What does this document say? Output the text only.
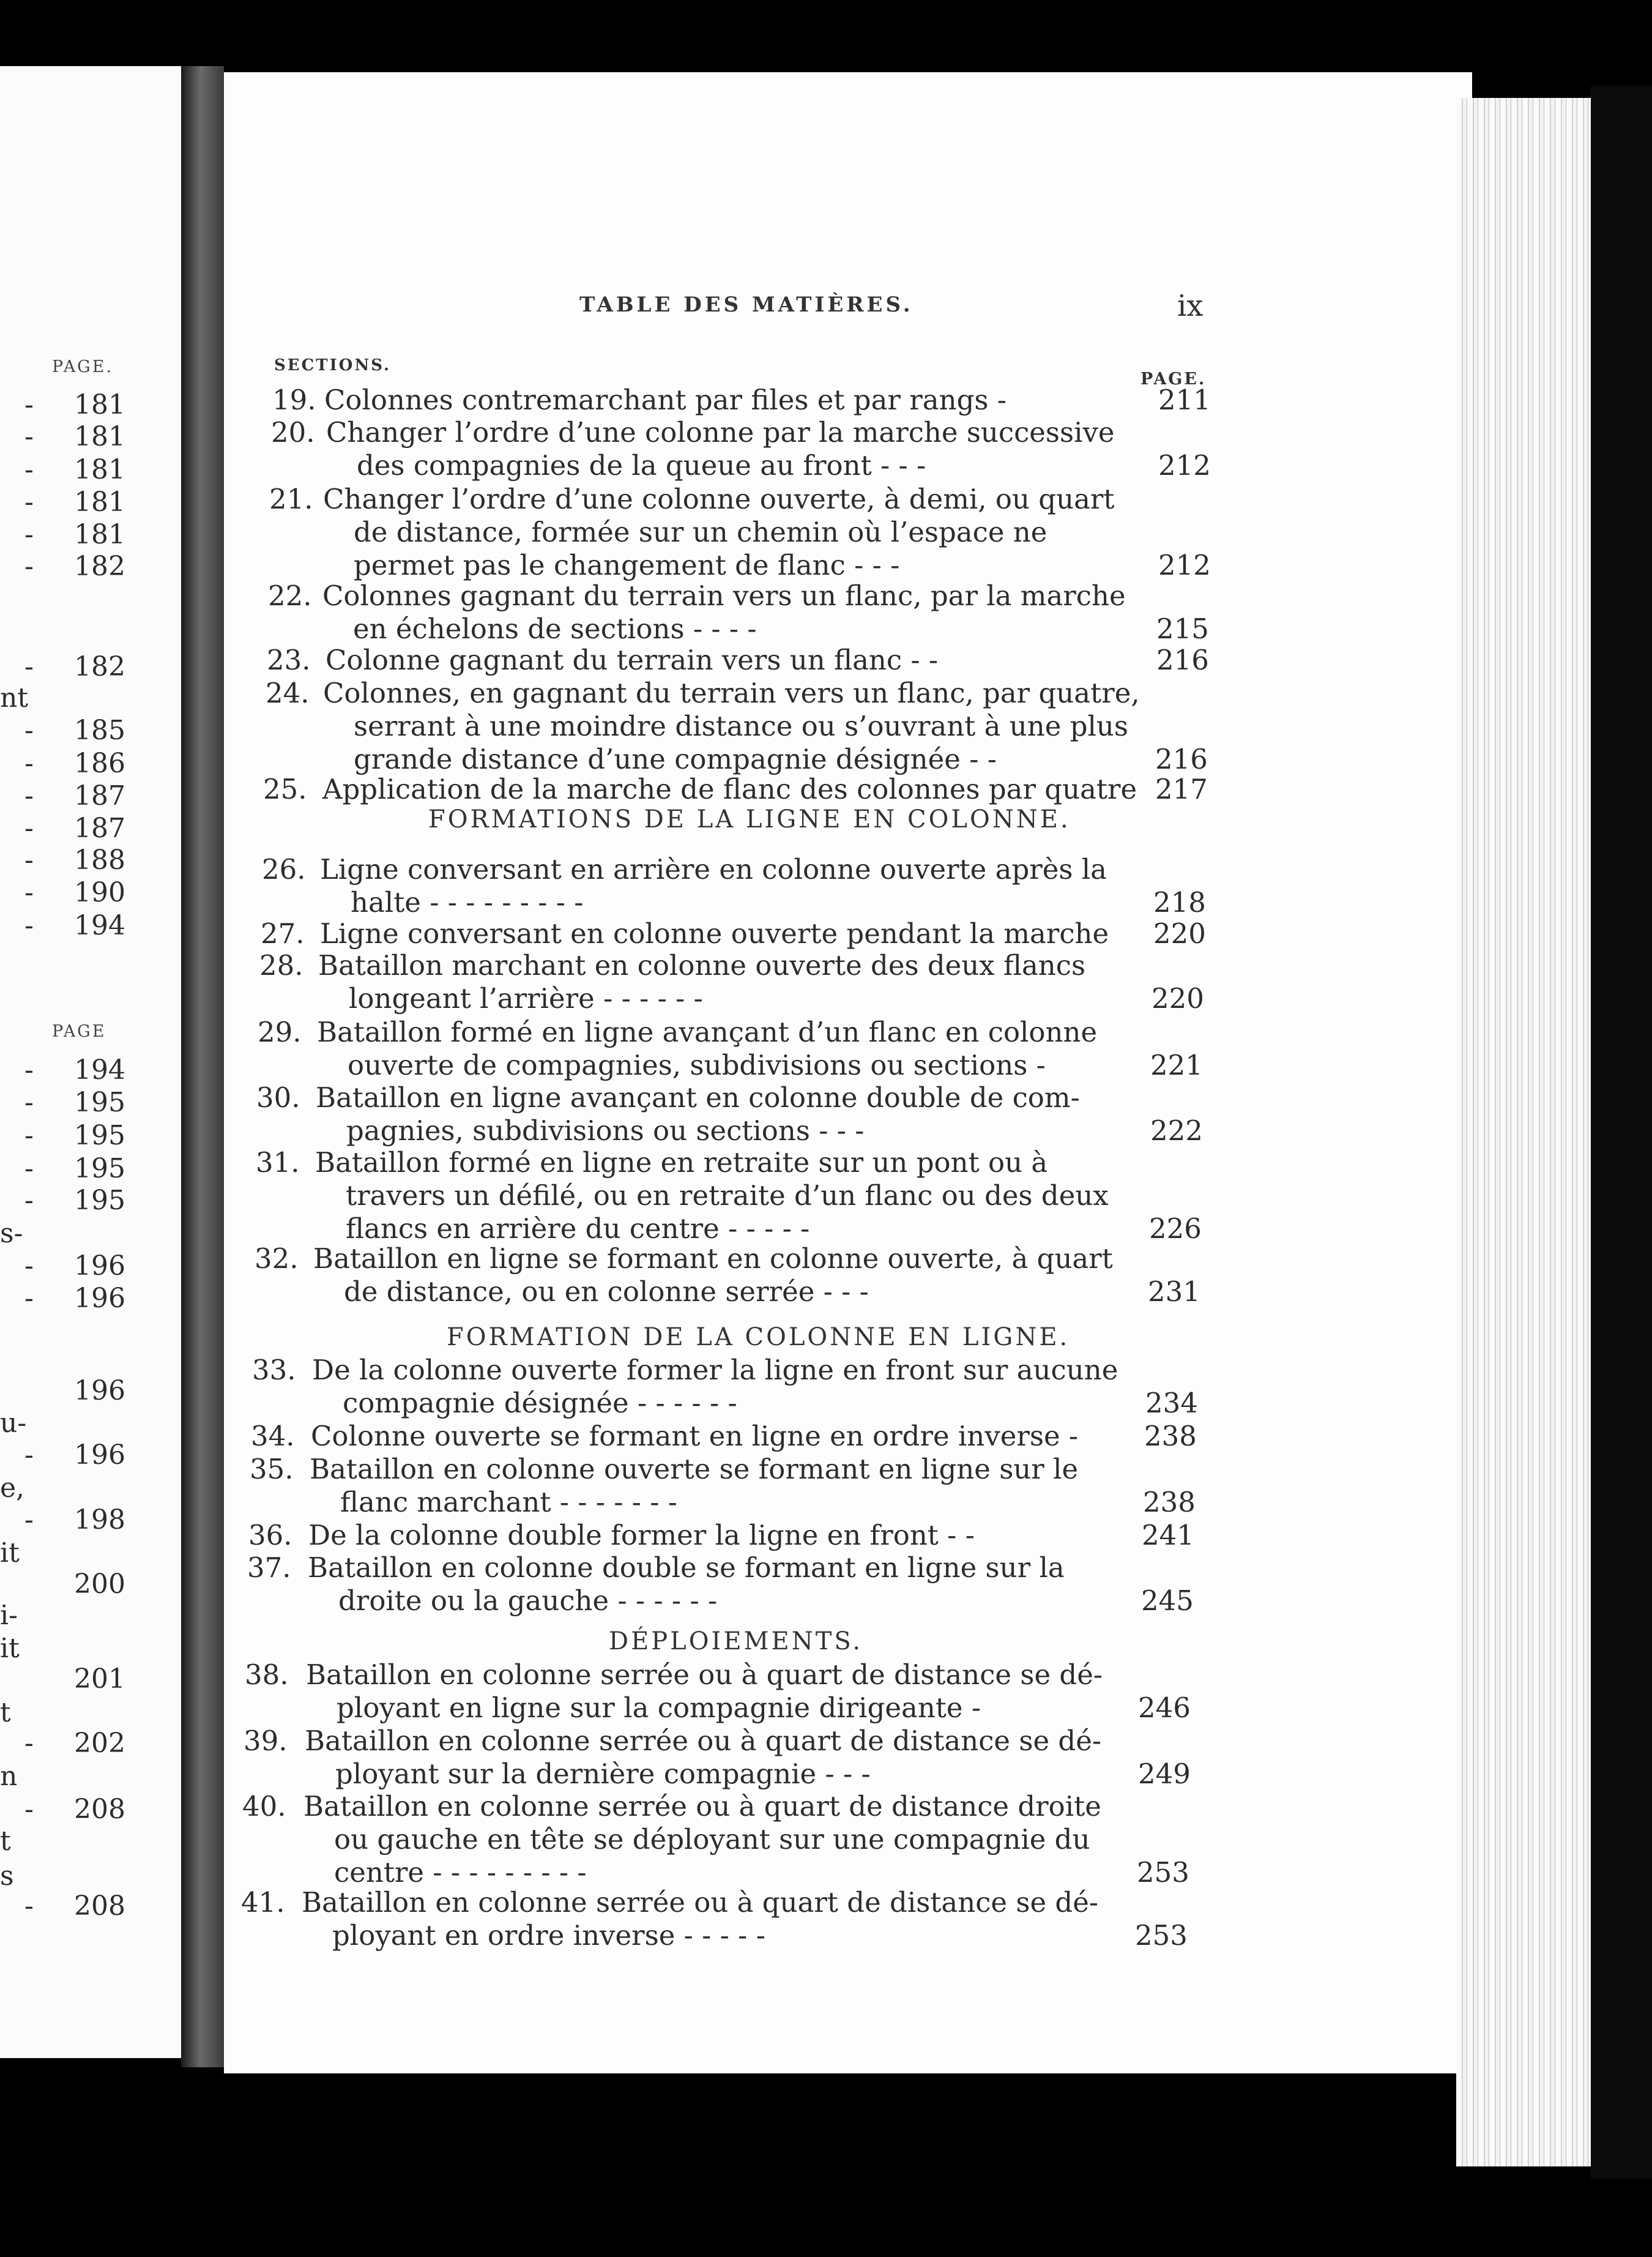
PAGE.
PAGE
- 181
- 181
- 181
- 181
- 181
- 182
- 182
nt
- 185
- 186
- 187
- 187
- 188
- 190
- 194
- 194
- 195
- 195
- 195
- 195
s-
- 196
- 196
196
u-
- 196
e,
- 198
it
200
i-
it
201
t
- 202
n
- 208
t
s
- 208
TABLE DES MATIÈRES.	ix
SECTIONS.
PAGE.
19. Colonnes contremarchant par files et par rangs -	211
20. Changer l’ordre d’une colonne par la marche successive
des compagnies de la queue au front - - -	212
21. Changer l’ordre d’une colonne ouverte, à demi, ou quart
de distance, formée sur un chemin où l’espace ne
permet pas le changement de flanc - - -	212
22. Colonnes gagnant du terrain vers un flanc, par la marche
en échelons de sections - - - -	215
23. Colonne gagnant du terrain vers un flanc - -	216
24. Colonnes, en gagnant du terrain vers un flanc, par quatre,
serrant à une moindre distance ou s’ouvrant à une plus
grande distance d’une compagnie désignée - -	216
25. Application de la marche de flanc des colonnes par quatre 217
FORMATIONS DE LA LIGNE EN COLONNE.
26. Ligne conversant en arrière en colonne ouverte après la
halte - - - - - - - - -	218
27. Ligne conversant en colonne ouverte pendant la marche 220
28. Bataillon marchant en colonne ouverte des deux flancs
longeant l’arrière - - - - - -	220
29. Bataillon formé en ligne avançant d’un flanc en colonne
ouverte de compagnies, subdivisions ou sections -	221
30. Bataillon en ligne avançant en colonne double de com-
pagnies, subdivisions ou sections - - -	222
31. Bataillon formé en ligne en retraite sur un pont ou à
travers un défilé, ou en retraite d’un flanc ou des deux
flancs en arrière du centre - - - - -	226
32. Bataillon en ligne se formant en colonne ouverte, à quart
de distance, ou en colonne serrée - - -	231
FORMATION DE LA COLONNE EN LIGNE.
33. De la colonne ouverte former la ligne en front sur aucune
compagnie désignée - - - - - -	234
34. Colonne ouverte se formant en ligne en ordre inverse - 238
35. Bataillon en colonne ouverte se formant en ligne sur le
flanc marchant - - - - - - -	238
36. De la colonne double former la ligne en front - -	241
37. Bataillon en colonne double se formant en ligne sur la
droite ou la gauche - - - - - -	245
DÉPLOIEMENTS.
38. Bataillon en colonne serrée ou à quart de distance se dé-
ployant en ligne sur la compagnie dirigeante -	246
39. Bataillon en colonne serrée ou à quart de distance se dé-
ployant sur la dernière compagnie - - -	249
40. Bataillon en colonne serrée ou à quart de distance droite
ou gauche en tête se déployant sur une compagnie du
centre - - - - - - - - -	253
41. Bataillon en colonne serrée ou à quart de distance se dé-
ployant en ordre inverse - - - - -	253
